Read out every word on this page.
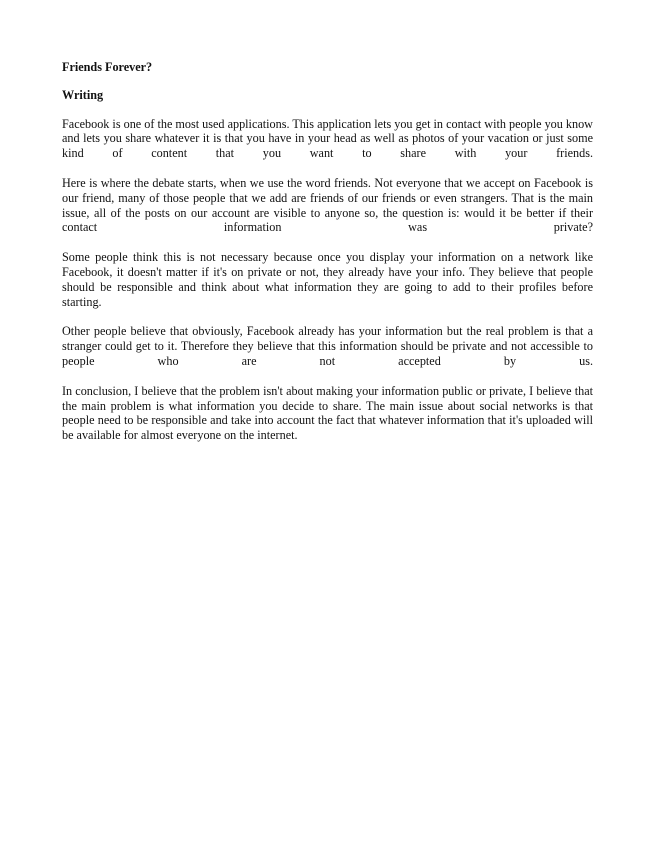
Friends Forever?
Writing

Facebook is one of the most used applications. This application lets you get in contact with people you know and lets you share whatever it is that you have in your head as well as photos of your vacation or just some kind of content that you want to share with your friends.

Here is where the debate starts, when we use the word friends. Not everyone that we accept on Facebook is our friend, many of those people that we add are friends of our friends or even strangers. That is the main issue, all of the posts on our account are visible to anyone so, the question is: would it be better if their contact information was private?

Some people think this is not necessary because once you display your information on a network like Facebook, it doesn't matter if it's on private or not, they already have your info. They believe that people should be responsible and think about what information they are going to add to their profiles before starting.

Other people believe that obviously, Facebook already has your information but the real problem is that a stranger could get to it. Therefore they believe that this information should be private and not accessible to people who are not accepted by us.

In conclusion, I believe that the problem isn't about making your information public or private, I believe that the main problem is what information you decide to share. The main issue about social networks is that people need to be responsible and take into account the fact that whatever information that it's uploaded will be available for almost everyone on the internet.
